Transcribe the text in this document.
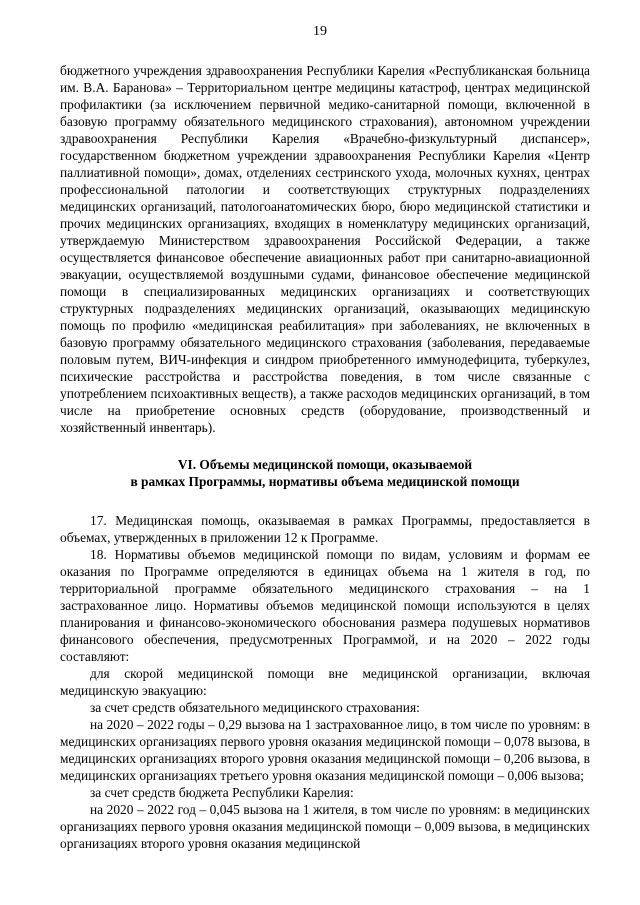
19

бюджетного учреждения здравоохранения Республики Карелия «Республиканская больница им. В.А. Баранова» – Территориальном центре медицины катастроф, центрах медицинской профилактики (за исключением первичной медико-санитарной помощи, включенной в базовую программу обязательного медицинского страхования), автономном учреждении здравоохранения Республики Карелия «Врачебно-физкультурный диспансер», государственном бюджетном учреждении здравоохранения Республики Карелия «Центр паллиативной помощи», домах, отделениях сестринского ухода, молочных кухнях, центрах профессиональной патологии и соответствующих структурных подразделениях медицинских организаций, патологоанатомических бюро, бюро медицинской статистики и прочих медицинских организациях, входящих в номенклатуру медицинских организаций, утверждаемую Министерством здравоохранения Российской Федерации, а также осуществляется финансовое обеспечение авиационных работ при санитарно-авиационной эвакуации, осуществляемой воздушными судами, финансовое обеспечение медицинской помощи в специализированных медицинских организациях и соответствующих структурных подразделениях медицинских организаций, оказывающих медицинскую помощь по профилю «медицинская реабилитация» при заболеваниях, не включенных в базовую программу обязательного медицинского страхования (заболевания, передаваемые половым путем, ВИЧ-инфекция и синдром приобретенного иммунодефицита, туберкулез, психические расстройства и расстройства поведения, в том числе связанные с употреблением психоактивных веществ), а также расходов медицинских организаций, в том числе на приобретение основных средств (оборудование, производственный и хозяйственный инвентарь).

VI. Объемы медицинской помощи, оказываемой
в рамках Программы, нормативы объема медицинской помощи

17. Медицинская помощь, оказываемая в рамках Программы, предоставляется в объемах, утвержденных в приложении 12 к Программе.

18. Нормативы объемов медицинской помощи по видам, условиям и формам ее оказания по Программе определяются в единицах объема на 1 жителя в год, по территориальной программе обязательного медицинского страхования – на 1 застрахованное лицо. Нормативы объемов медицинской помощи используются в целях планирования и финансово-экономического обоснования размера подушевых нормативов финансового обеспечения, предусмотренных Программой, и на 2020 – 2022 годы составляют:

для скорой медицинской помощи вне медицинской организации, включая медицинскую эвакуацию:

за счет средств обязательного медицинского страхования:

на 2020 – 2022 годы – 0,29 вызова на 1 застрахованное лицо, в том числе по уровням: в медицинских организациях первого уровня оказания медицинской помощи – 0,078 вызова, в медицинских организациях второго уровня оказания медицинской помощи – 0,206 вызова, в медицинских организациях третьего уровня оказания медицинской помощи – 0,006 вызова;

за счет средств бюджета Республики Карелия:

на 2020 – 2022 год – 0,045 вызова на 1 жителя, в том числе по уровням: в медицинских организациях первого уровня оказания медицинской помощи – 0,009 вызова, в медицинских организациях второго уровня оказания медицинской
